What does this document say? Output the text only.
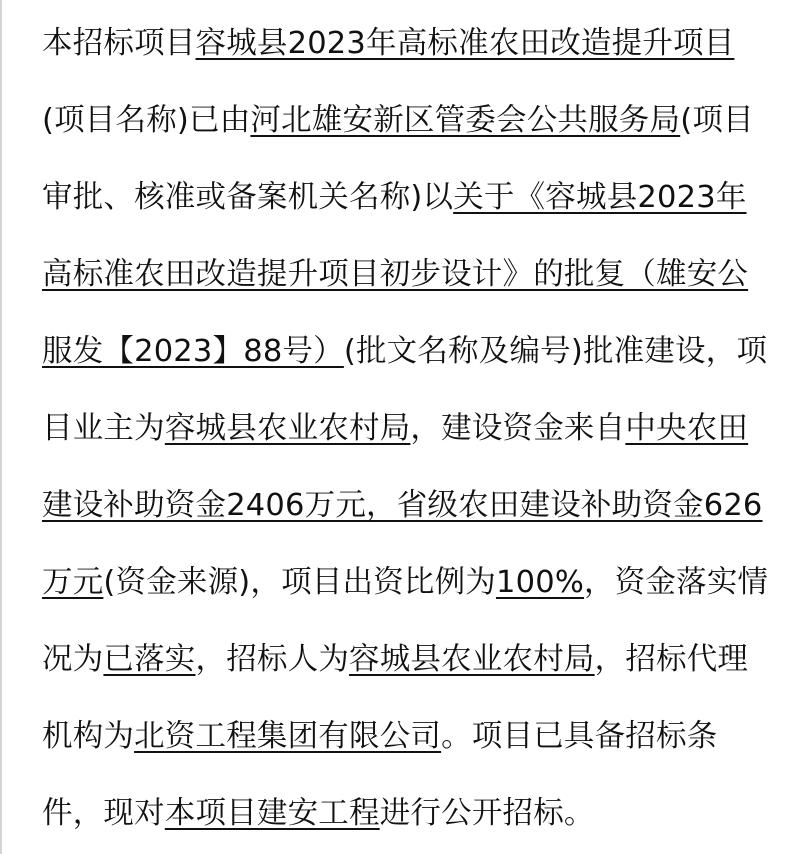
本招标项目容城县2023年高标准农田改造提升项目
(项目名称)已由河北雄安新区管委会公共服务局(项目
审批、核准或备案机关名称)以关于《容城县2023年
高标准农田改造提升项目初步设计》的批复（雄安公
服发【2023】88号）(批文名称及编号)批准建设，项
目业主为容城县农业农村局，建设资金来自中央农田
建设补助资金2406万元，省级农田建设补助资金626
万元(资金来源)，项目出资比例为100%，资金落实情
况为已落实，招标人为容城县农业农村局，招标代理
机构为北资工程集团有限公司。项目已具备招标条
件，现对本项目建安工程进行公开招标。
